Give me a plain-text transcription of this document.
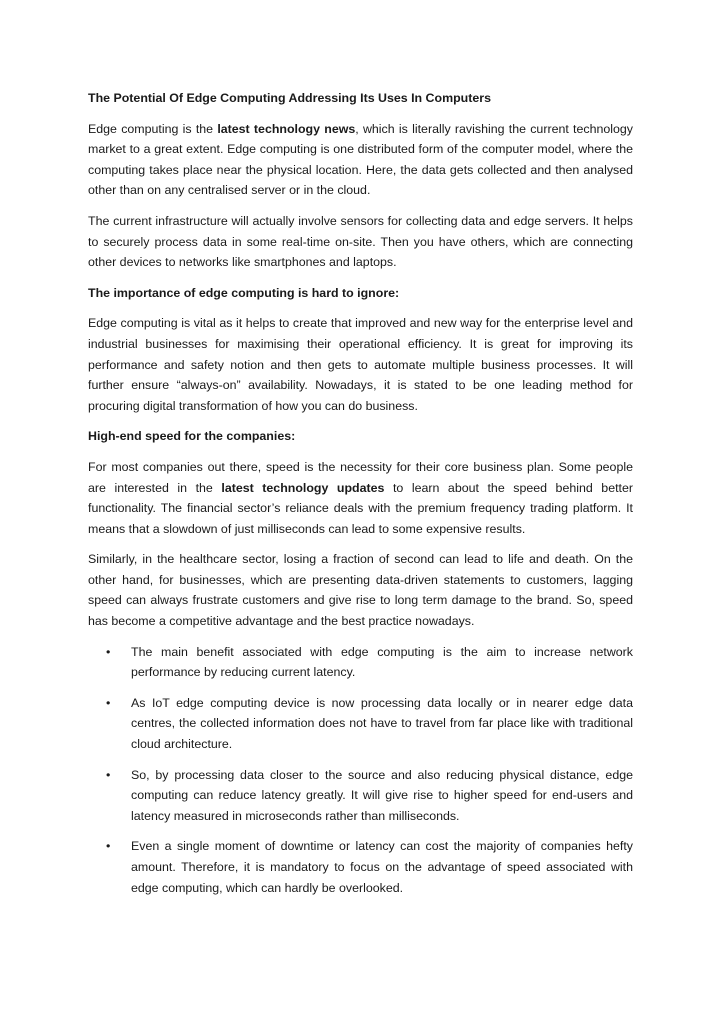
The Potential Of Edge Computing Addressing Its Uses In Computers

Edge computing is the latest technology news, which is literally ravishing the current technology market to a great extent. Edge computing is one distributed form of the computer model, where the computing takes place near the physical location. Here, the data gets collected and then analysed other than on any centralised server or in the cloud.

The current infrastructure will actually involve sensors for collecting data and edge servers. It helps to securely process data in some real-time on-site. Then you have others, which are connecting other devices to networks like smartphones and laptops.

The importance of edge computing is hard to ignore:

Edge computing is vital as it helps to create that improved and new way for the enterprise level and industrial businesses for maximising their operational efficiency. It is great for improving its performance and safety notion and then gets to automate multiple business processes. It will further ensure “always-on” availability. Nowadays, it is stated to be one leading method for procuring digital transformation of how you can do business.

High-end speed for the companies:

For most companies out there, speed is the necessity for their core business plan. Some people are interested in the latest technology updates to learn about the speed behind better functionality. The financial sector’s reliance deals with the premium frequency trading platform. It means that a slowdown of just milliseconds can lead to some expensive results.

Similarly, in the healthcare sector, losing a fraction of second can lead to life and death. On the other hand, for businesses, which are presenting data-driven statements to customers, lagging speed can always frustrate customers and give rise to long term damage to the brand. So, speed has become a competitive advantage and the best practice nowadays.

• The main benefit associated with edge computing is the aim to increase network performance by reducing current latency.
• As IoT edge computing device is now processing data locally or in nearer edge data centres, the collected information does not have to travel from far place like with traditional cloud architecture.
• So, by processing data closer to the source and also reducing physical distance, edge computing can reduce latency greatly. It will give rise to higher speed for end-users and latency measured in microseconds rather than milliseconds.
• Even a single moment of downtime or latency can cost the majority of companies hefty amount. Therefore, it is mandatory to focus on the advantage of speed associated with edge computing, which can hardly be overlooked.
